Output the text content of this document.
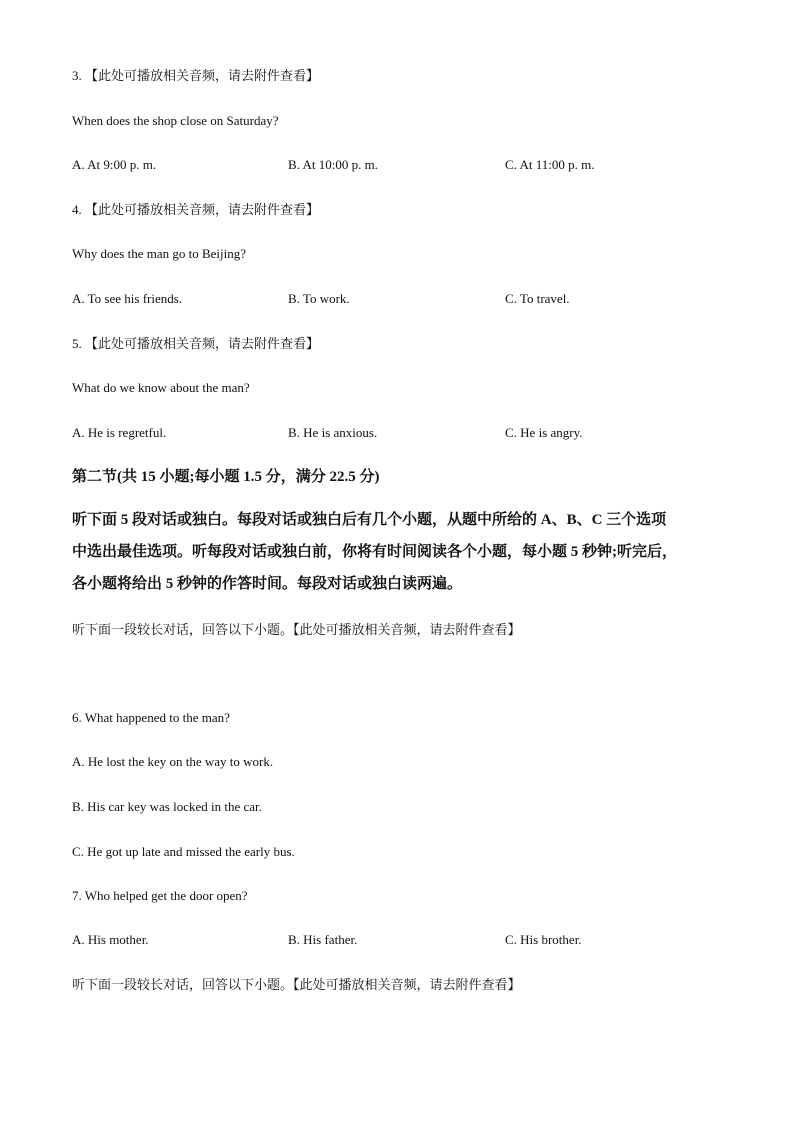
3. 【此处可播放相关音频，请去附件查看】
When does the shop close on Saturday?
A. At 9:00 p. m.	B. At 10:00 p. m.	C. At 11:00 p. m.
4. 【此处可播放相关音频，请去附件查看】
Why does the man go to Beijing?
A. To see his friends.	B. To work.	C. To travel.
5. 【此处可播放相关音频，请去附件查看】
What do we know about the man?
A. He is regretful.	B. He is anxious.	C. He is angry.
第二节(共 15 小题;每小题 1.5 分，满分 22.5 分)
听下面 5 段对话或独白。每段对话或独白后有几个小题，从题中所给的 A、B、C 三个选项
中选出最佳选项。听每段对话或独白前，你将有时间阅读各个小题，每小题 5 秒钟;听完后，
各小题将给出 5 秒钟的作答时间。每段对话或独白读两遍。
听下面一段较长对话，回答以下小题。【此处可播放相关音频，请去附件查看】
6. What happened to the man?
A. He lost the key on the way to work.
B. His car key was locked in the car.
C. He got up late and missed the early bus.
7. Who helped get the door open?
A. His mother.	B. His father.	C. His brother.
听下面一段较长对话，回答以下小题。【此处可播放相关音频，请去附件查看】
